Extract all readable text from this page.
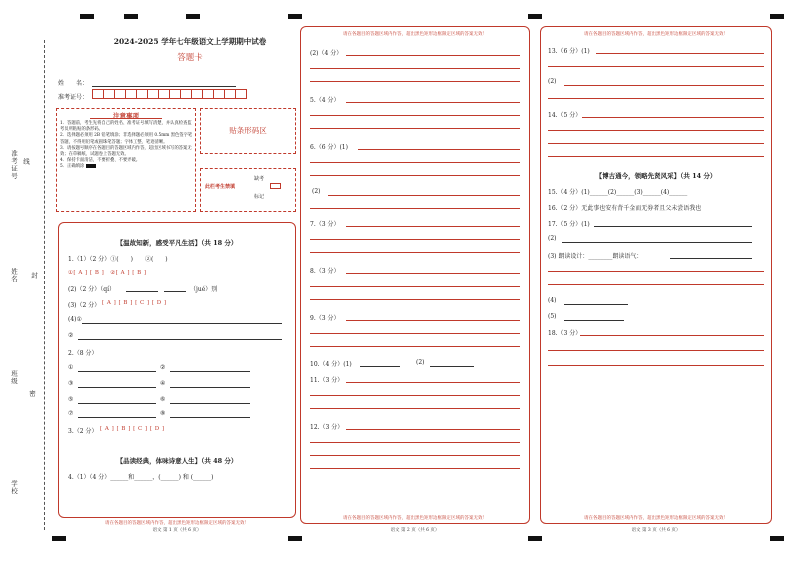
准考证号 线
姓名 封
班级
密
学校
2024-2025 学年七年级语文上学期期中试卷
答题卡
姓　　名：
准考证号：
注意事项
1．答题前，考生先将自己的姓名、准考证号填写清楚，并认真检查监考员所粘贴的条形码。
2．选择题必须用 2B 铅笔填涂；非选择题必须用 0.5mm 黑色签字笔答题，不得用铅笔或圆珠笔答题；字体工整、笔迹清晰。
3．请按题号顺序在各题目的答题区域内作答，超出区域书写的答案无效；在草稿纸、试题卷上答题无效。
4．保持卡面清洁，不要折叠、不要弄破。
5．正确填涂
贴条形码区
此栏考生禁填
缺考
标记
【温故知新，感受平凡生活】（共 18 分）
1.（1）（2 分）①(　　)　　②(　　)
①[ A ] [ B ]　②[ A ] [ B ]
(2)（2 分）（qí）	（jué）别
(3)（2 分） [ A ] [ B ] [ C ] [ D ]
(4)①
②
2.（8 分）
①	②
③	④
⑤	⑥
⑦	⑧
3.（2 分） [ A ] [ B ] [ C ] [ D ]
【品读经典，体味诗意人生】（共 48 分）
4.（1）（4 分）______和______，(______) 和 (______)
请在各题目的答题区域内作答，超出黑色矩形边框限定区域的答案无效！
语文 第 1 页（共 6 页）
请在各题目的答题区域内作答，超出黑色矩形边框限定区域的答案无效！
(2)（4 分）
5.（4 分）
6.（6 分）(1)
(2)
7.（3 分）
8.（3 分）
9.（3 分）
10.（4 分）(1)	(2)
11.（3 分）
12.（3 分）
请在各题目的答题区域内作答，超出黑色矩形边框限定区域的答案无效！
语文 第 2 页（共 6 页）
请在各题目的答题区域内作答，超出黑色矩形边框限定区域的答案无效！
13.（6 分）(1)
(2)
14.（5 分）
【博古通今，领略先贤风采】（共 14 分）
15.（4 分）(1)______(2)______(3)______(4)______
16.（2 分）无此事也安有背千金而无券者且父未尝语我也
17.（5 分）(1)
(2)
(3) 朗读设计：________朗读语气：
(4)
(5)
18.（3 分）
请在各题目的答题区域内作答，超出黑色矩形边框限定区域的答案无效！
语文 第 3 页（共 6 页）
